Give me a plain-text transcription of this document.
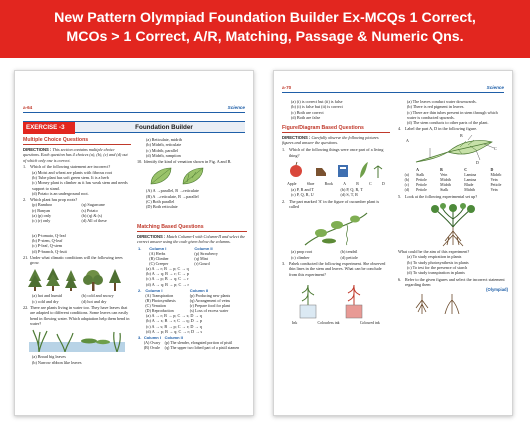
New Pattern Olympiad Foundation Builder Ex-MCQs 1 Correct,
MCOs > 1 Correct, A/R, Matching, Passage & Numeric Qns.
a-64	Science
EXERCISE -3	Foundation Builder
Multiple Choice Questions
DIRECTIONS : This section contains multiple choice questions. Each question has 4 choices (a), (b), (c) and (d) out of which only one is correct.
1. Which of the following statement are incorrect?
(a) Moist and wheat are plants with fibrous root
(b) Tube plant has soft green stem. It is a herb
(c) Money plant is climber as it has weak stem and needs support to stand.
(d) Potato is an underground root.
2. Which plant has prop roots?
(p) Bamboo	(q) Sugarcane
(r) Banyan	(s) Potato
(a) (p) only	(b) (q) & (s)
(c) (r) only	(d) All of these
(a) P-tomato, Q-leaf
(b) P-stem, Q-leaf
(c) P-leaf, Q-stem
(d) P-branch, Q-fruit
21. Under what climatic conditions will the following trees grow.
(a) hot and humid	(b) cold and snowy
(c) cold and dry	(d) hot and dry
22. There are plants living in water too. They have leaves that are adapted to different conditions. Some leaves can easily bend in flowing water. Which adaptation help them bend in water?
(a) Broad big leaves
(b) Narrow ribbon like leaves
(a) Reticulate, midrib
(b) Midrib, reticulate
(c) Midrib, parallel
(d) Midrib, ramption
10. Identify the kind of venation shown in Fig. A and B.
(A) A →parallel, B →reticulate
(B) A →reticulate, B →parallel
(C) Both parallel
(D) Both reticulate
Matching Based Questions
DIRECTIONS : Match Column-I with Column-II and select the correct answer using the code given below the columns.
1.	Column I	Column II
	(A) Herbs	(p) Strawberry
	(B) Climber	(q) Mint
	(C) Creeper	(r) Gourd
(a) A → r; B → p; C → q
(b) A → q; B → r; C → p
(c) A → p; B → q; C → r
(d) A → q; B → p; C → r
2.	Column I	Column II
	(A) Transpiration	(p) Producing new plants
	(B) Photosynthesis	(q) Arrangement of veins
	(C) Venation	(r) Prepare food for plant
	(D) Reproduction	(s) Loss of excess water
(a) A → r; B → p; C → s; D → q
(b) A → s; B → r; C → q; D → p
(c) A → s; B → p; C → r; D → q
(d) A → p; B → q; C → r; D → s
3.	Column I	Column II
	(A) Ovary	(p) The slender, elongated portion of pistil
	(B) Ovule	(q) The upper two lobed part of a pistil stamen
a-70	Science
(a) (i) is correct but (ii) is false
(b) (i) is false but (ii) is correct
(c) Both are correct
(d) Both are false
Figure/Diagram Based Questions
DIRECTIONS : Carefully observe the following pictures figures and answer the questions.
1. Which of the following things were once part of a living thing?
Apple	Shoe	Book	A	B	C	D
(a) P, R and T	(b) P, Q, R, T
(c) P, Q, R, U	(d) S, T, R
2. The part marked 'A' in the figure of cucumber plant is called
(a) prop root	(b) tendril
(c) climber	(d) petiole
3. Pahek conducted the following experiment. She observed thin lines in the stem and leaves. What can be conclude from this experiment?
Ink	Colourless ink	Coloured ink
(a) The leaves conduct water downwards.
(b) There is red pigment in leaves.
(c) There are thin tubes present in stem through which water is conducted upwards.
(d) The stem conducts to other parts of the plant.
4. Label the part A, D in the following figure.
A
B
C
D
	A	B	C	D
(a)	Stalk	Vein	Lamina	Midrib
(b)	Petiole	Midrib	Lamina	Vein
(c)	Petiole	Midrib	Blade	Petiole
(d)	Petiole	Stalk	Midrib	Vein
5. Look at the following experimental set up?
What could be the aim of this experiment?
(a) To study respiration in plants
(b) To study photosynthesis in plants
(c) To test for the presence of starch
(d) To study transpiration in plants
6. Refer to the given figures and select the incorrect statement regarding them
(Olympiad)
